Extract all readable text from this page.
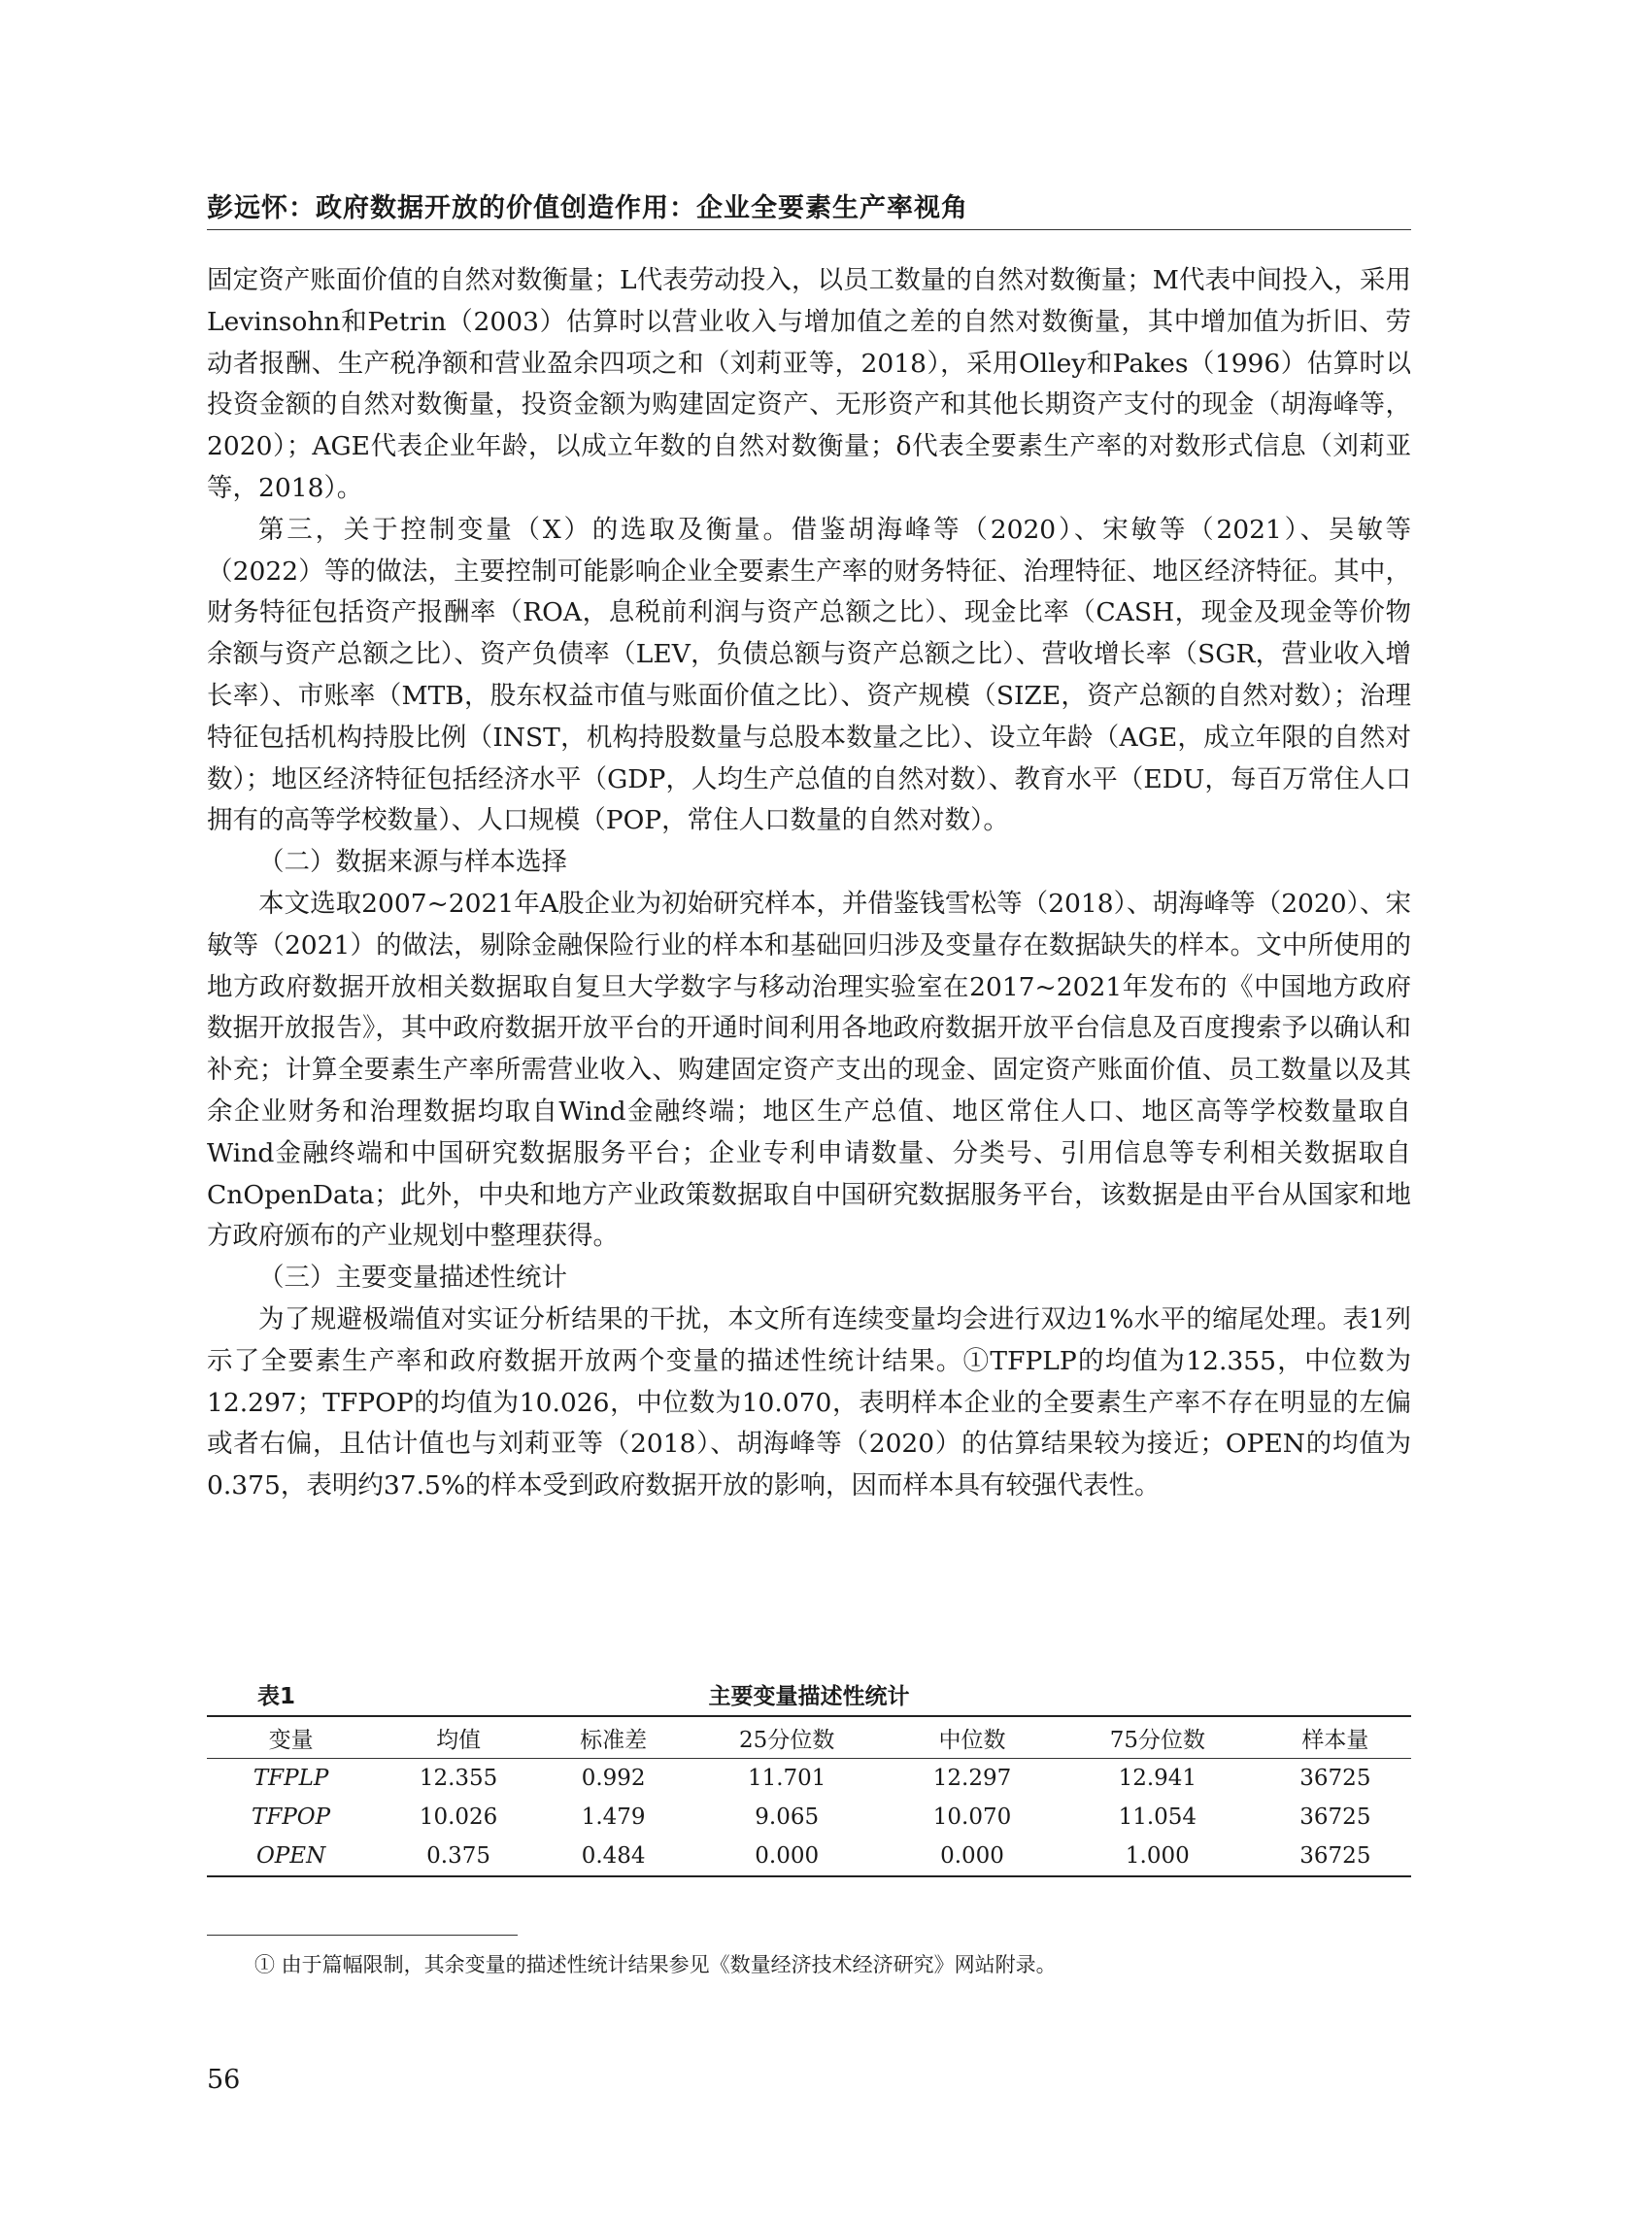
彭远怀：政府数据开放的价值创造作用：企业全要素生产率视角

固定资产账面价值的自然对数衡量；L代表劳动投入，以员工数量的自然对数衡量；M代表中间投入，采用Levinsohn和Petrin（2003）估算时以营业收入与增加值之差的自然对数衡量，其中增加值为折旧、劳动者报酬、生产税净额和营业盈余四项之和（刘莉亚等，2018），采用Olley和Pakes（1996）估算时以投资金额的自然对数衡量，投资金额为购建固定资产、无形资产和其他长期资产支付的现金（胡海峰等，2020）；AGE代表企业年龄，以成立年数的自然对数衡量；δ代表全要素生产率的对数形式信息（刘莉亚等，2018）。

第三，关于控制变量（X）的选取及衡量。借鉴胡海峰等（2020）、宋敏等（2021）、吴敏等（2022）等的做法，主要控制可能影响企业全要素生产率的财务特征、治理特征、地区经济特征。其中，财务特征包括资产报酬率（ROA，息税前利润与资产总额之比）、现金比率（CASH，现金及现金等价物余额与资产总额之比）、资产负债率（LEV，负债总额与资产总额之比）、营收增长率（SGR，营业收入增长率）、市账率（MTB，股东权益市值与账面价值之比）、资产规模（SIZE，资产总额的自然对数）；治理特征包括机构持股比例（INST，机构持股数量与总股本数量之比）、设立年龄（AGE，成立年限的自然对数）；地区经济特征包括经济水平（GDP，人均生产总值的自然对数）、教育水平（EDU，每百万常住人口拥有的高等学校数量）、人口规模（POP，常住人口数量的自然对数）。

（二）数据来源与样本选择

本文选取2007~2021年A股企业为初始研究样本，并借鉴钱雪松等（2018）、胡海峰等（2020）、宋敏等（2021）的做法，剔除金融保险行业的样本和基础回归涉及变量存在数据缺失的样本。文中所使用的地方政府数据开放相关数据取自复旦大学数字与移动治理实验室在2017~2021年发布的《中国地方政府数据开放报告》，其中政府数据开放平台的开通时间利用各地政府数据开放平台信息及百度搜索予以确认和补充；计算全要素生产率所需营业收入、购建固定资产支出的现金、固定资产账面价值、员工数量以及其余企业财务和治理数据均取自Wind金融终端；地区生产总值、地区常住人口、地区高等学校数量取自Wind金融终端和中国研究数据服务平台；企业专利申请数量、分类号、引用信息等专利相关数据取自CnOpenData；此外，中央和地方产业政策数据取自中国研究数据服务平台，该数据是由平台从国家和地方政府颁布的产业规划中整理获得。

（三）主要变量描述性统计

为了规避极端值对实证分析结果的干扰，本文所有连续变量均会进行双边1%水平的缩尾处理。表1列示了全要素生产率和政府数据开放两个变量的描述性统计结果。①TFPLP的均值为12.355，中位数为12.297；TFPOP的均值为10.026，中位数为10.070，表明样本企业的全要素生产率不存在明显的左偏或者右偏，且估计值也与刘莉亚等（2018）、胡海峰等（2020）的估算结果较为接近；OPEN的均值为0.375，表明约37.5%的样本受到政府数据开放的影响，因而样本具有较强代表性。

表1	主要变量描述性统计
变量	均值	标准差	25分位数	中位数	75分位数	样本量
TFPLP	12.355	0.992	11.701	12.297	12.941	36725
TFPOP	10.026	1.479	9.065	10.070	11.054	36725
OPEN	0.375	0.484	0.000	0.000	1.000	36725

① 由于篇幅限制，其余变量的描述性统计结果参见《数量经济技术经济研究》网站附录。

56
